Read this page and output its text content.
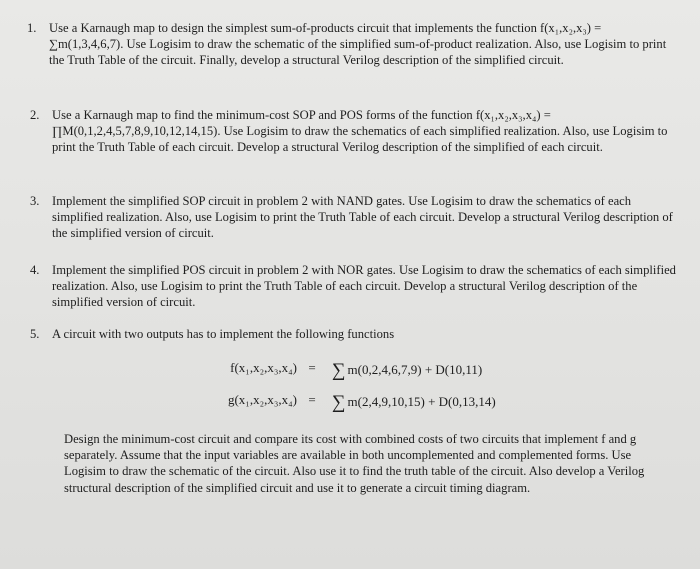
1. Use a Karnaugh map to design the simplest sum-of-products circuit that implements the function f(x₁,x₂,x₃) = ∑m(1,3,4,6,7). Use Logisim to draw the schematic of the simplified sum-of-product realization. Also, use Logisim to print the Truth Table of the circuit. Finally, develop a structural Verilog description of the simplified circuit.
2. Use a Karnaugh map to find the minimum-cost SOP and POS forms of the function f(x₁,x₂,x₃,x₄) = ∏M(0,1,2,4,5,7,8,9,10,12,14,15). Use Logisim to draw the schematics of each simplified realization. Also, use Logisim to print the Truth Table of each circuit. Develop a structural Verilog description of the simplified of each circuit.
3. Implement the simplified SOP circuit in problem 2 with NAND gates. Use Logisim to draw the schematics of each simplified realization. Also, use Logisim to print the Truth Table of each circuit. Develop a structural Verilog description of the simplified version of circuit.
4. Implement the simplified POS circuit in problem 2 with NOR gates. Use Logisim to draw the schematics of each simplified realization. Also, use Logisim to print the Truth Table of each circuit. Develop a structural Verilog description of the simplified version of circuit.
5. A circuit with two outputs has to implement the following functions
f(x₁,x₂,x₃,x₄) = ∑ m(0,2,4,6,7,9) + D(10,11)
g(x₁,x₂,x₃,x₄) = ∑ m(2,4,9,10,15) + D(0,13,14)
Design the minimum-cost circuit and compare its cost with combined costs of two circuits that implement f and g separately. Assume that the input variables are available in both uncomplemented and complemented forms. Use Logisim to draw the schematic of the circuit. Also use it to find the truth table of the circuit. Also develop a Verilog structural description of the simplified circuit and use it to generate a circuit timing diagram.
